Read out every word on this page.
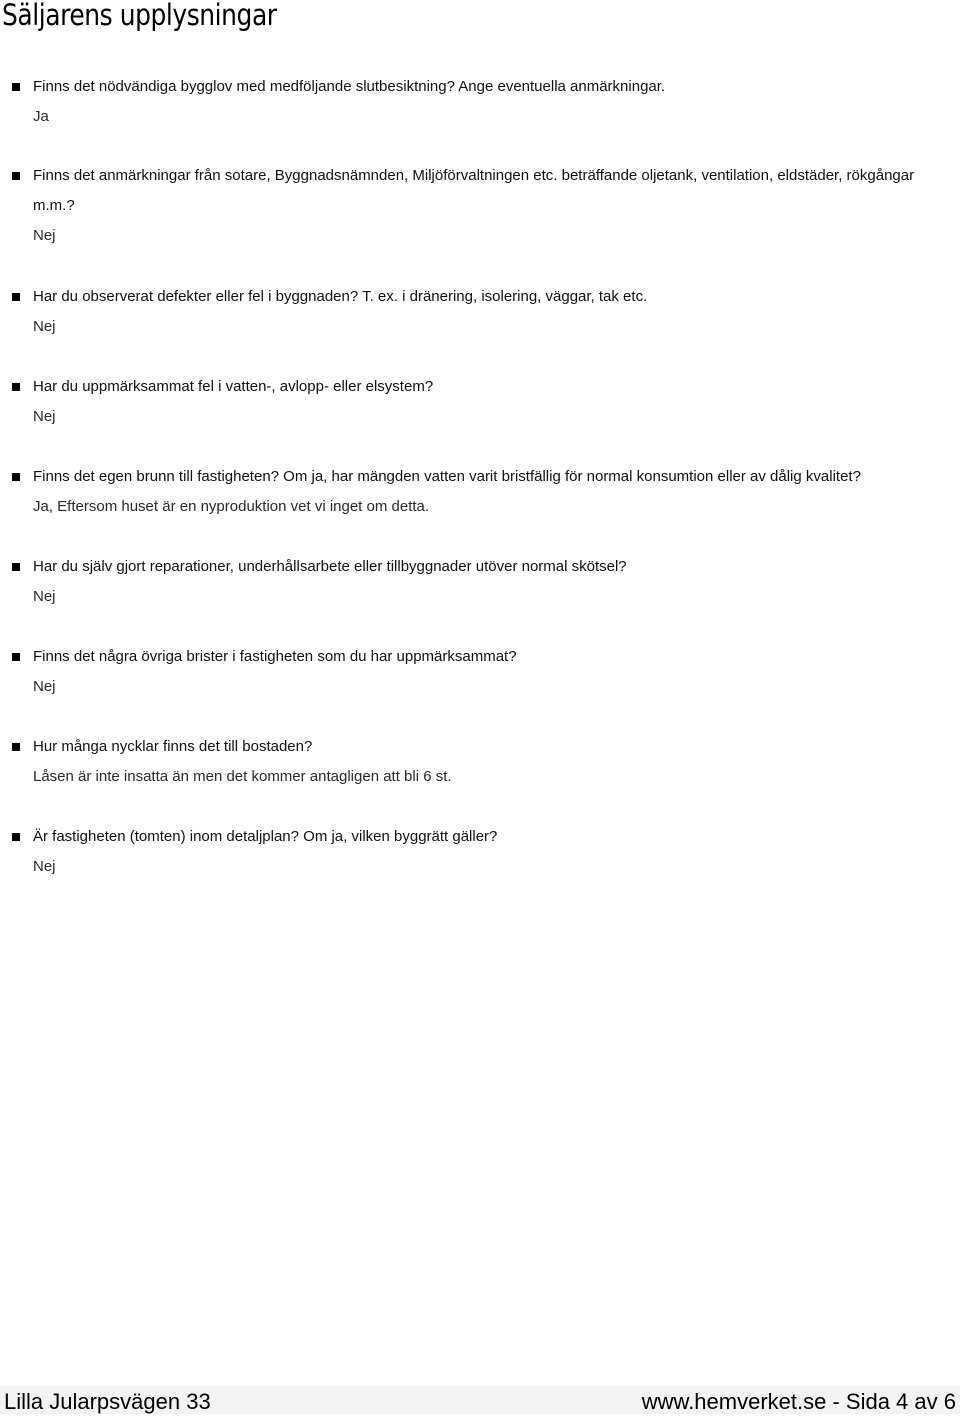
Säljarens upplysningar
Finns det nödvändiga bygglov med medföljande slutbesiktning? Ange eventuella anmärkningar.
Ja
Finns det anmärkningar från sotare, Byggnadsnämnden, Miljöförvaltningen etc. beträffande oljetank, ventilation, eldstäder, rökgångar m.m.?
Nej
Har du observerat defekter eller fel i byggnaden? T. ex. i dränering, isolering, väggar, tak etc.
Nej
Har du uppmärksammat fel i vatten-, avlopp- eller elsystem?
Nej
Finns det egen brunn till fastigheten? Om ja, har mängden vatten varit bristfällig för normal konsumtion eller av dålig kvalitet?
Ja, Eftersom huset är en nyproduktion vet vi inget om detta.
Har du själv gjort reparationer, underhållsarbete eller tillbyggnader utöver normal skötsel?
Nej
Finns det några övriga brister i fastigheten som du har uppmärksammat?
Nej
Hur många nycklar finns det till bostaden?
Låsen är inte insatta än men det kommer antagligen att bli 6 st.
Är fastigheten (tomten) inom detaljplan? Om ja, vilken byggrätt gäller?
Nej
Lilla Jularpsvägen 33	www.hemverket.se - Sida 4 av 6
